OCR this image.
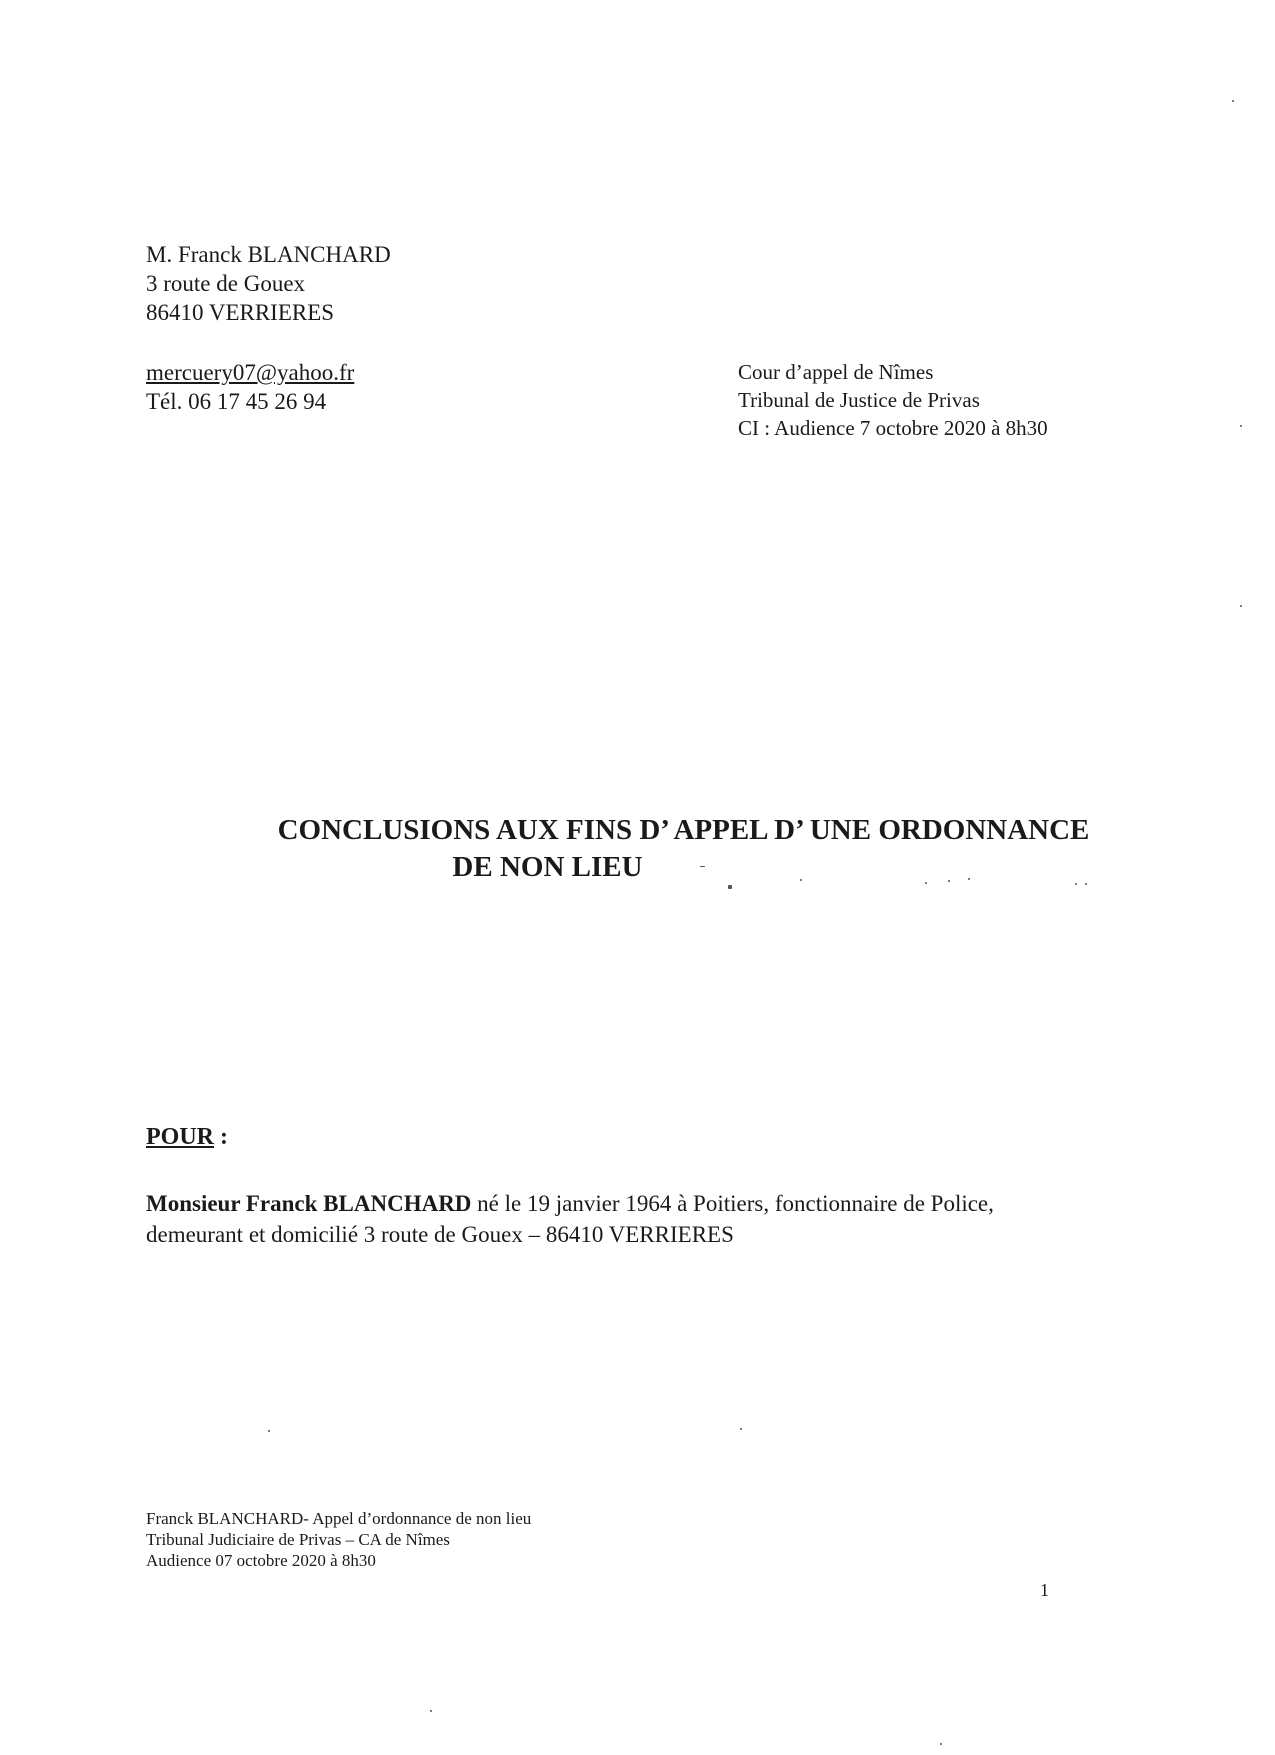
M. Franck BLANCHARD
3 route de Gouex
86410 VERRIERES
mercuery07@yahoo.fr
Tél. 06 17 45 26 94
Cour d’appel de Nîmes
Tribunal de Justice de Privas
CI : Audience 7 octobre 2020 à 8h30
CONCLUSIONS AUX FINS D’ APPEL D’ UNE ORDONNANCE
DE NON LIEU
POUR :
Monsieur Franck BLANCHARD né le 19 janvier 1964 à Poitiers, fonctionnaire de Police,
demeurant et domicilié 3 route de Gouex – 86410 VERRIERES
Franck BLANCHARD- Appel d’ordonnance de non lieu
Tribunal Judiciaire de Privas – CA de Nîmes
Audience 07 octobre 2020 à 8h30
1
